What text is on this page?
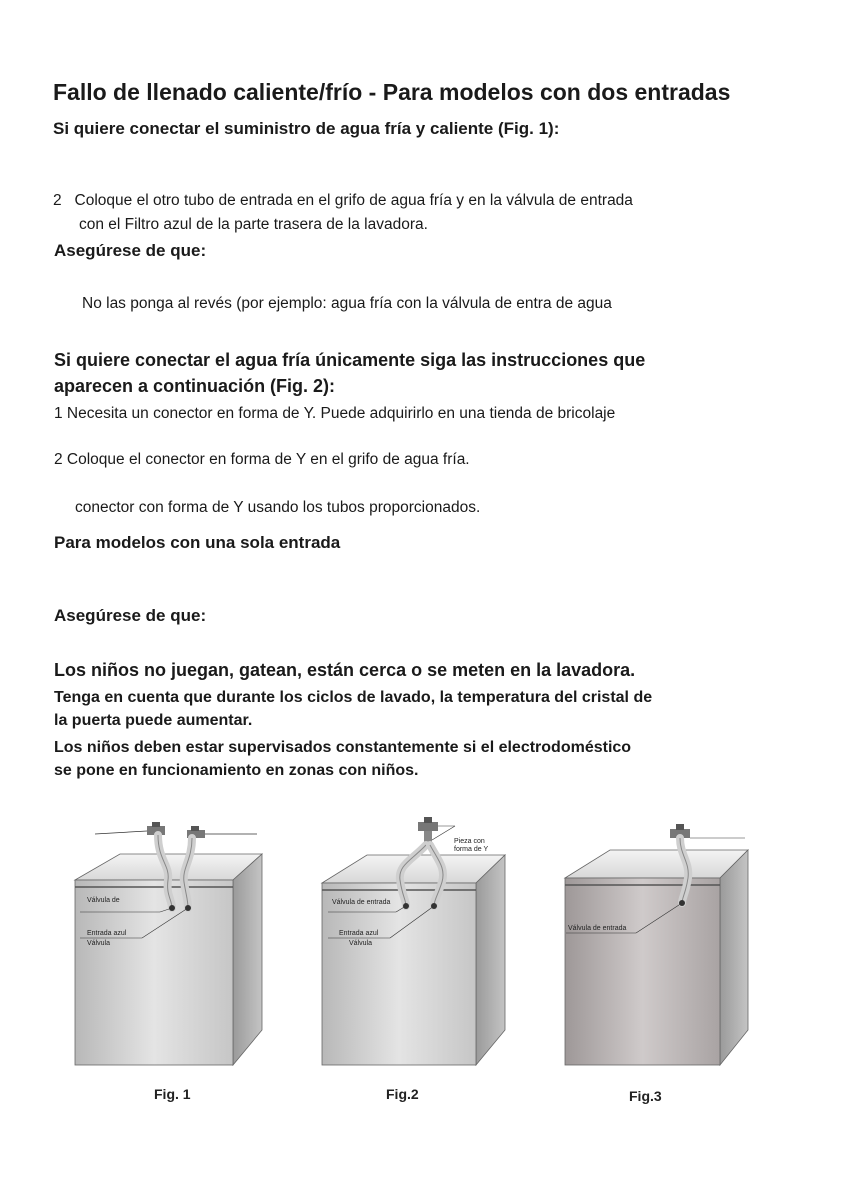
Fallo de llenado caliente/frío - Para modelos con dos entradas
Si quiere conectar el suministro de agua fría y caliente (Fig. 1):
2   Coloque el otro tubo de entrada en el grifo de agua fría y en la válvula de entrada
con el Filtro azul de la parte trasera de la lavadora.
Asegúrese de que:
No las ponga al revés (por ejemplo: agua fría con la válvula de entra de agua
Si quiere conectar el agua fría únicamente siga las instrucciones que
aparecen a continuación (Fig. 2):
1 Necesita un conector en forma de Y. Puede adquirirlo en una tienda de bricolaje
2 Coloque el conector en forma de Y en el grifo de agua fría.
conector con forma de Y usando los tubos proporcionados.
Para modelos con una sola entrada
Asegúrese de que:
Los niños no juegan, gatean, están cerca o se meten en la lavadora.
Tenga en cuenta que durante los ciclos de lavado, la temperatura del cristal de
la puerta puede aumentar.
Los niños deben estar supervisados constantemente si el electrodoméstico
se pone en funcionamiento en zonas con niños.
Válvula de
Entrada azul
Válvula
Fig. 1
Pieza con
forma de Y
Válvula de entrada
Entrada azul
Válvula
Fig.2
Válvula de entrada
Fig.3
